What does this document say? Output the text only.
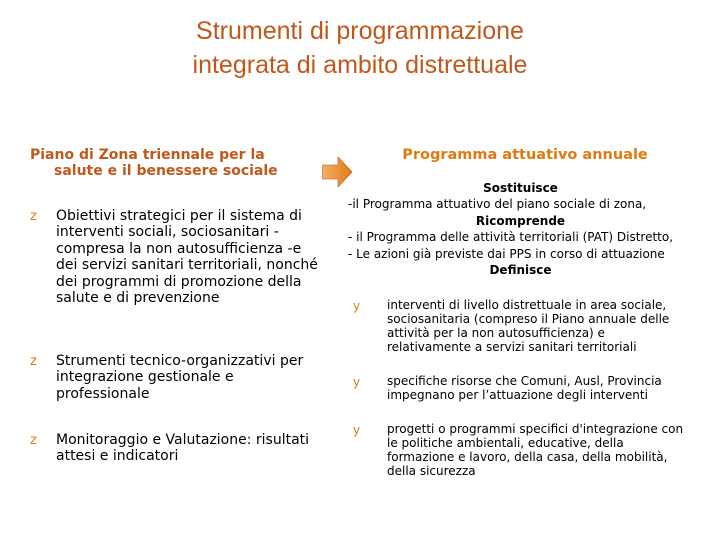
Strumenti di programmazione
integrata di ambito distrettuale
Piano di Zona triennale per la
salute e il benessere sociale
z Obiettivi strategici per il sistema di interventi sociali, sociosanitari - compresa la non autosufficienza -e dei servizi sanitari territoriali, nonché dei programmi di promozione della salute e di prevenzione
z Strumenti tecnico-organizzativi per integrazione gestionale e professionale
z Monitoraggio e Valutazione: risultati attesi e indicatori
Programma attuativo annuale
Sostituisce
-il Programma attuativo del piano sociale di zona,
Ricomprende
- il Programma delle attività territoriali (PAT) Distretto,
- Le azioni già previste dai PPS in corso di attuazione
Definisce
y interventi di livello distrettuale in area sociale, sociosanitaria (compreso il Piano annuale delle attività per la non autosufficienza) e relativamente a servizi sanitari territoriali
y specifiche risorse che Comuni, Ausl, Provincia impegnano per l’attuazione degli interventi
y progetti o programmi specifici d'integrazione con le politiche ambientali, educative, della formazione e lavoro, della casa, della mobilità, della sicurezza
